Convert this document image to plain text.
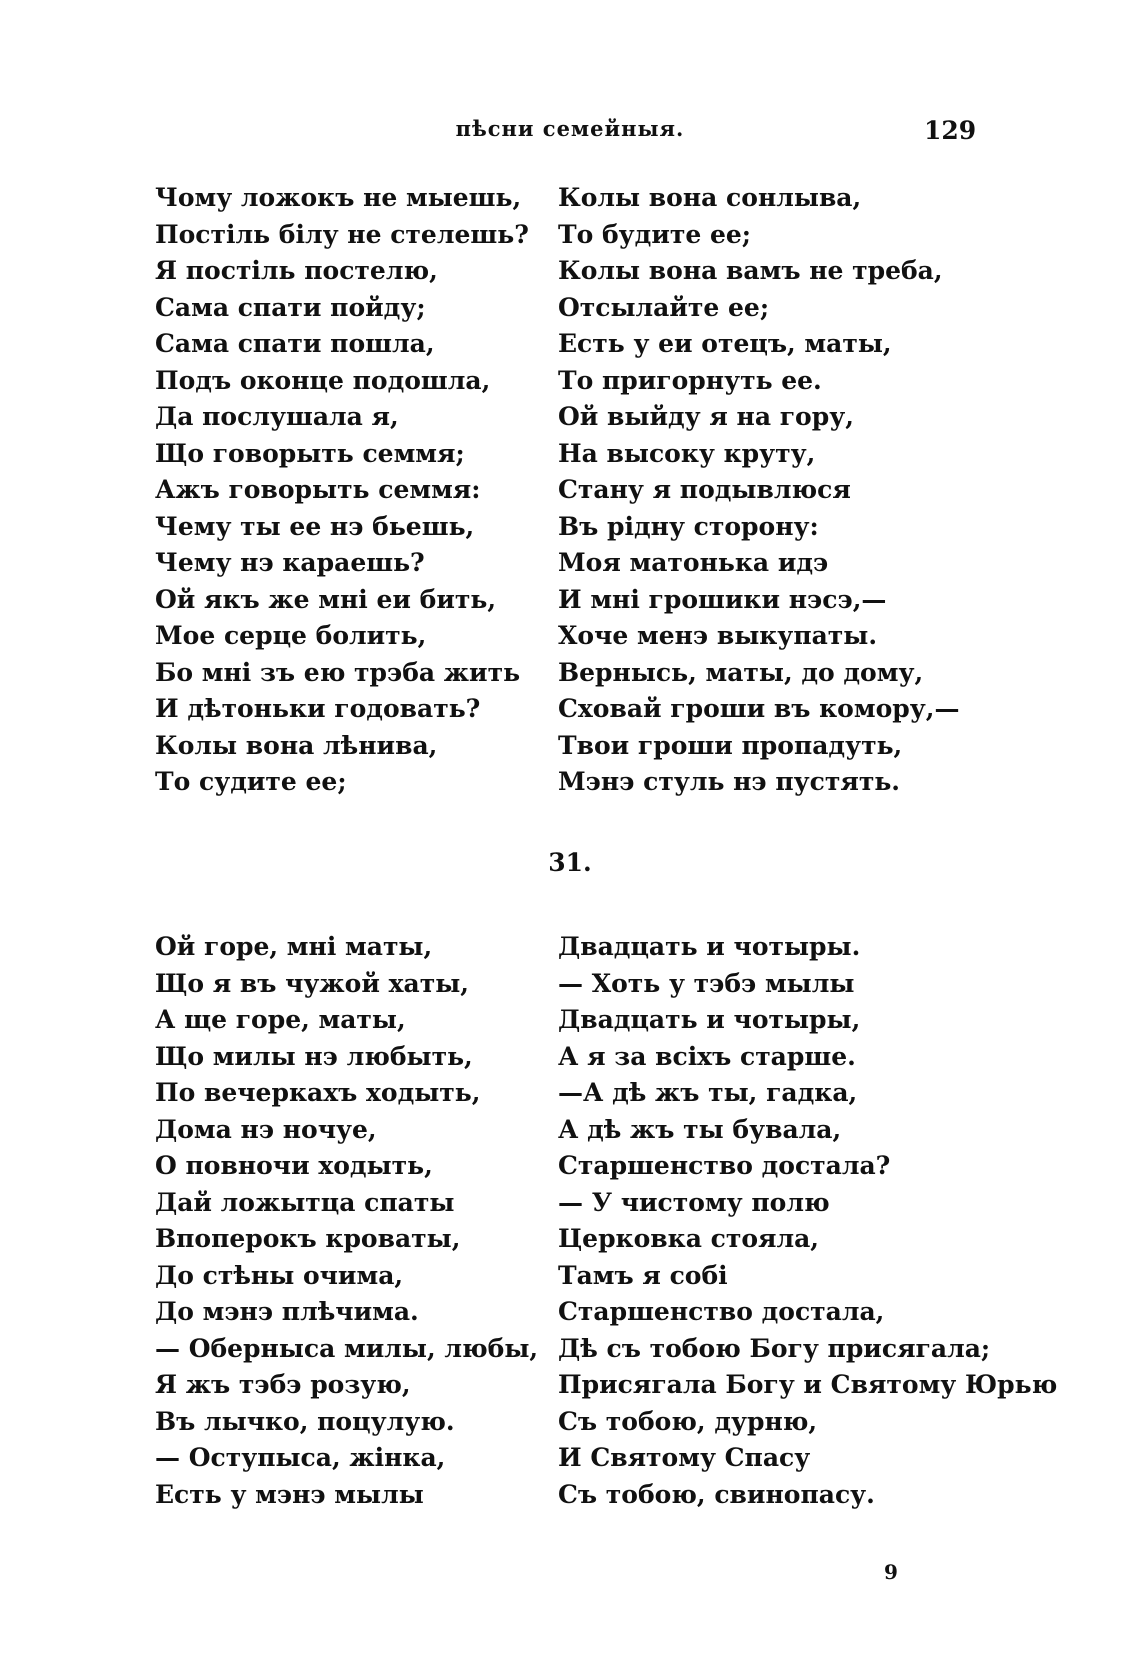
пѣсни семейныя.	129
Чому ложокъ не мыешь,
Постіль білу не стелешь?
Я постіль постелю,
Сама спати пойду;
Сама спати пошла,
Подъ оконце подошла,
Да послушала я,
Що говорыть семмя;
Ажъ говорыть семмя:
Чему ты ее нэ бьешь,
Чему нэ караешь?
Ой якъ же мні еи бить,
Мое серце болить,
Бо мні зъ ею трэба жить
И дѣтоньки годовать?
Колы вона лѣнива,
То судите ее;
Колы вона сонлыва,
То будите ее;
Колы вона вамъ не треба,
Отсылайте ее;
Есть у еи отецъ, маты,
То пригорнуть ее.
Ой выйду я на гору,
На высоку круту,
Стану я подывлюся
Въ рідну сторону:
Моя матонька идэ
И мні грошики нэсэ,—
Хоче менэ выкупаты.
Вернысь, маты, до дому,
Сховай гроши въ комору,—
Твои гроши пропадуть,
Мэнэ стуль нэ пустять.
31.
Ой горе, мні маты,
Що я въ чужой хаты,
А ще горе, маты,
Що милы нэ любыть,
По вечеркахъ ходыть,
Дома нэ ночуе,
О повночи ходыть,
Дай ложытца спаты
Впоперокъ кроваты,
До стѣны очима,
До мэнэ плѣчима.
— Обернысa милы, любы,
Я жъ тэбэ розую,
Въ лычко, поцулую.
— Оступыса, жінка,
Есть у мэнэ мылы
Двадцать и чотыры.
— Хоть у тэбэ мылы
Двадцать и чотыры,
А я за всіхъ старше.
—А дѣ жъ ты, гадка,
А дѣ жъ ты бувала,
Старшенство достала?
— У чистому полю
Церковка стояла,
Тамъ я собі
Старшенство достала,
Дѣ съ тобою Богу присягала;
Присягала Богу и Святому Юрью
Съ тобою, дурню,
И Святому Спасу
Съ тобою, свинопасу.
9
